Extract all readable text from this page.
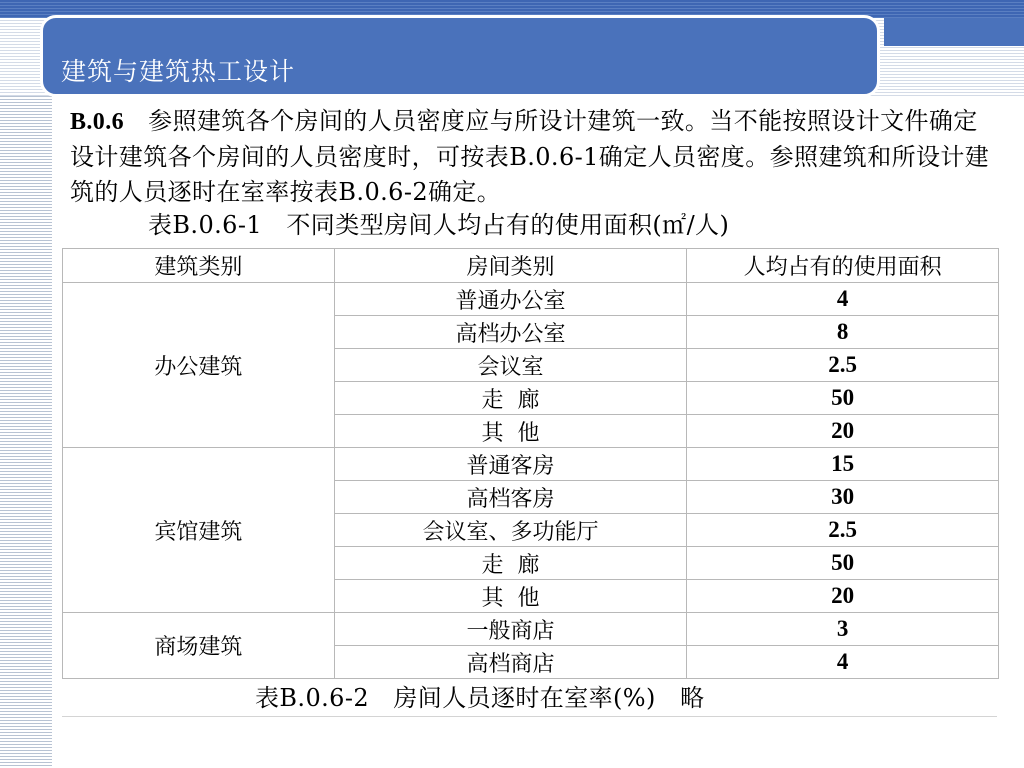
建筑与建筑热工设计
B.0.6 参照建筑各个房间的人员密度应与所设计建筑一致。当不能按照设计文件确定设计建筑各个房间的人员密度时，可按表B.0.6-1确定人员密度。参照建筑和所设计建筑的人员逐时在室率按表B.0.6-2确定。
表B.0.6-1　不同类型房间人均占有的使用面积(㎡/人)
建筑类别	房间类别	人均占有的使用面积
办公建筑	普通办公室	4
	高档办公室	8
	会议室	2.5
	走  廊	50
	其  他	20
宾馆建筑	普通客房	15
	高档客房	30
	会议室、多功能厅	2.5
	走  廊	50
	其  他	20
商场建筑	一般商店	3
	高档商店	4
表B.0.6-2　房间人员逐时在室率(%)　略
